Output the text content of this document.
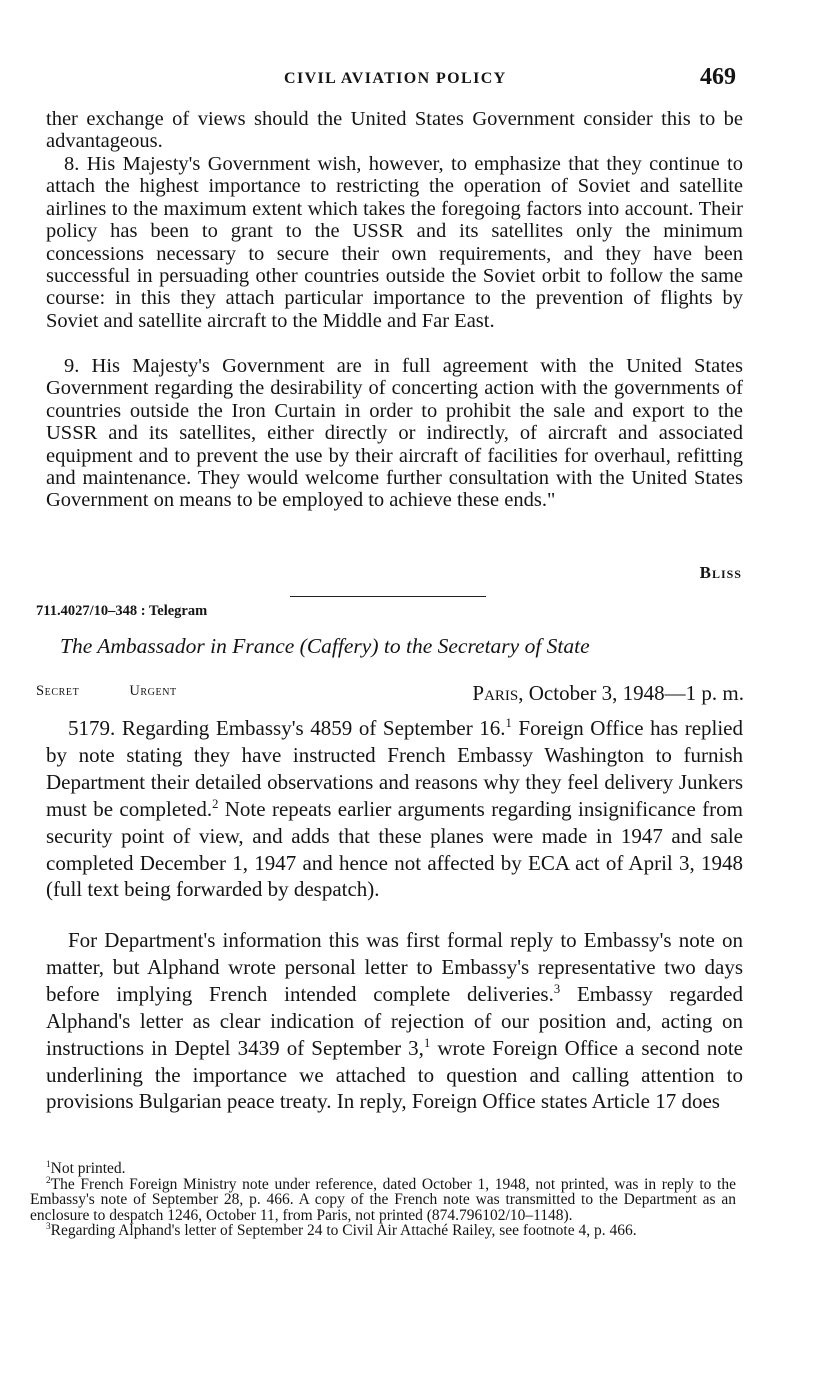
CIVIL AVIATION POLICY	469
ther exchange of views should the United States Government consider this to be advantageous.
8. His Majesty's Government wish, however, to emphasize that they continue to attach the highest importance to restricting the operation of Soviet and satellite airlines to the maximum extent which takes the foregoing factors into account. Their policy has been to grant to the USSR and its satellites only the minimum concessions necessary to secure their own requirements, and they have been successful in persuading other countries outside the Soviet orbit to follow the same course: in this they attach particular importance to the prevention of flights by Soviet and satellite aircraft to the Middle and Far East.
9. His Majesty's Government are in full agreement with the United States Government regarding the desirability of concerting action with the governments of countries outside the Iron Curtain in order to prohibit the sale and export to the USSR and its satellites, either directly or indirectly, of aircraft and associated equipment and to prevent the use by their aircraft of facilities for overhaul, refitting and maintenance. They would welcome further consultation with the United States Government on means to be employed to achieve these ends."
Bliss
711.4027/10–348 : Telegram
The Ambassador in France (Caffery) to the Secretary of State
Secret	Urgent	Paris, October 3, 1948—1 p. m.
5179. Regarding Embassy's 4859 of September 16.$^1$ Foreign Office has replied by note stating they have instructed French Embassy Washington to furnish Department their detailed observations and reasons why they feel delivery Junkers must be completed.$^2$ Note repeats earlier arguments regarding insignificance from security point of view, and adds that these planes were made in 1947 and sale completed December 1, 1947 and hence not affected by ECA act of April 3, 1948 (full text being forwarded by despatch).
For Department's information this was first formal reply to Embassy's note on matter, but Alphand wrote personal letter to Embassy's representative two days before implying French intended complete deliveries.$^3$ Embassy regarded Alphand's letter as clear indication of rejection of our position and, acting on instructions in Deptel 3439 of September 3,$^1$ wrote Foreign Office a second note underlining the importance we attached to question and calling attention to provisions Bulgarian peace treaty. In reply, Foreign Office states Article 17 does

$^1$Not printed.

$^2$The French Foreign Ministry note under reference, dated October 1, 1948, not printed, was in reply to the Embassy's note of September 28, p. 466. A copy of the French note was transmitted to the Department as an enclosure to despatch 1246, October 11, from Paris, not printed (874.796102/10–1148).

$^3$Regarding Alphand's letter of September 24 to Civil Air Attaché Railey, see footnote 4, p. 466.
